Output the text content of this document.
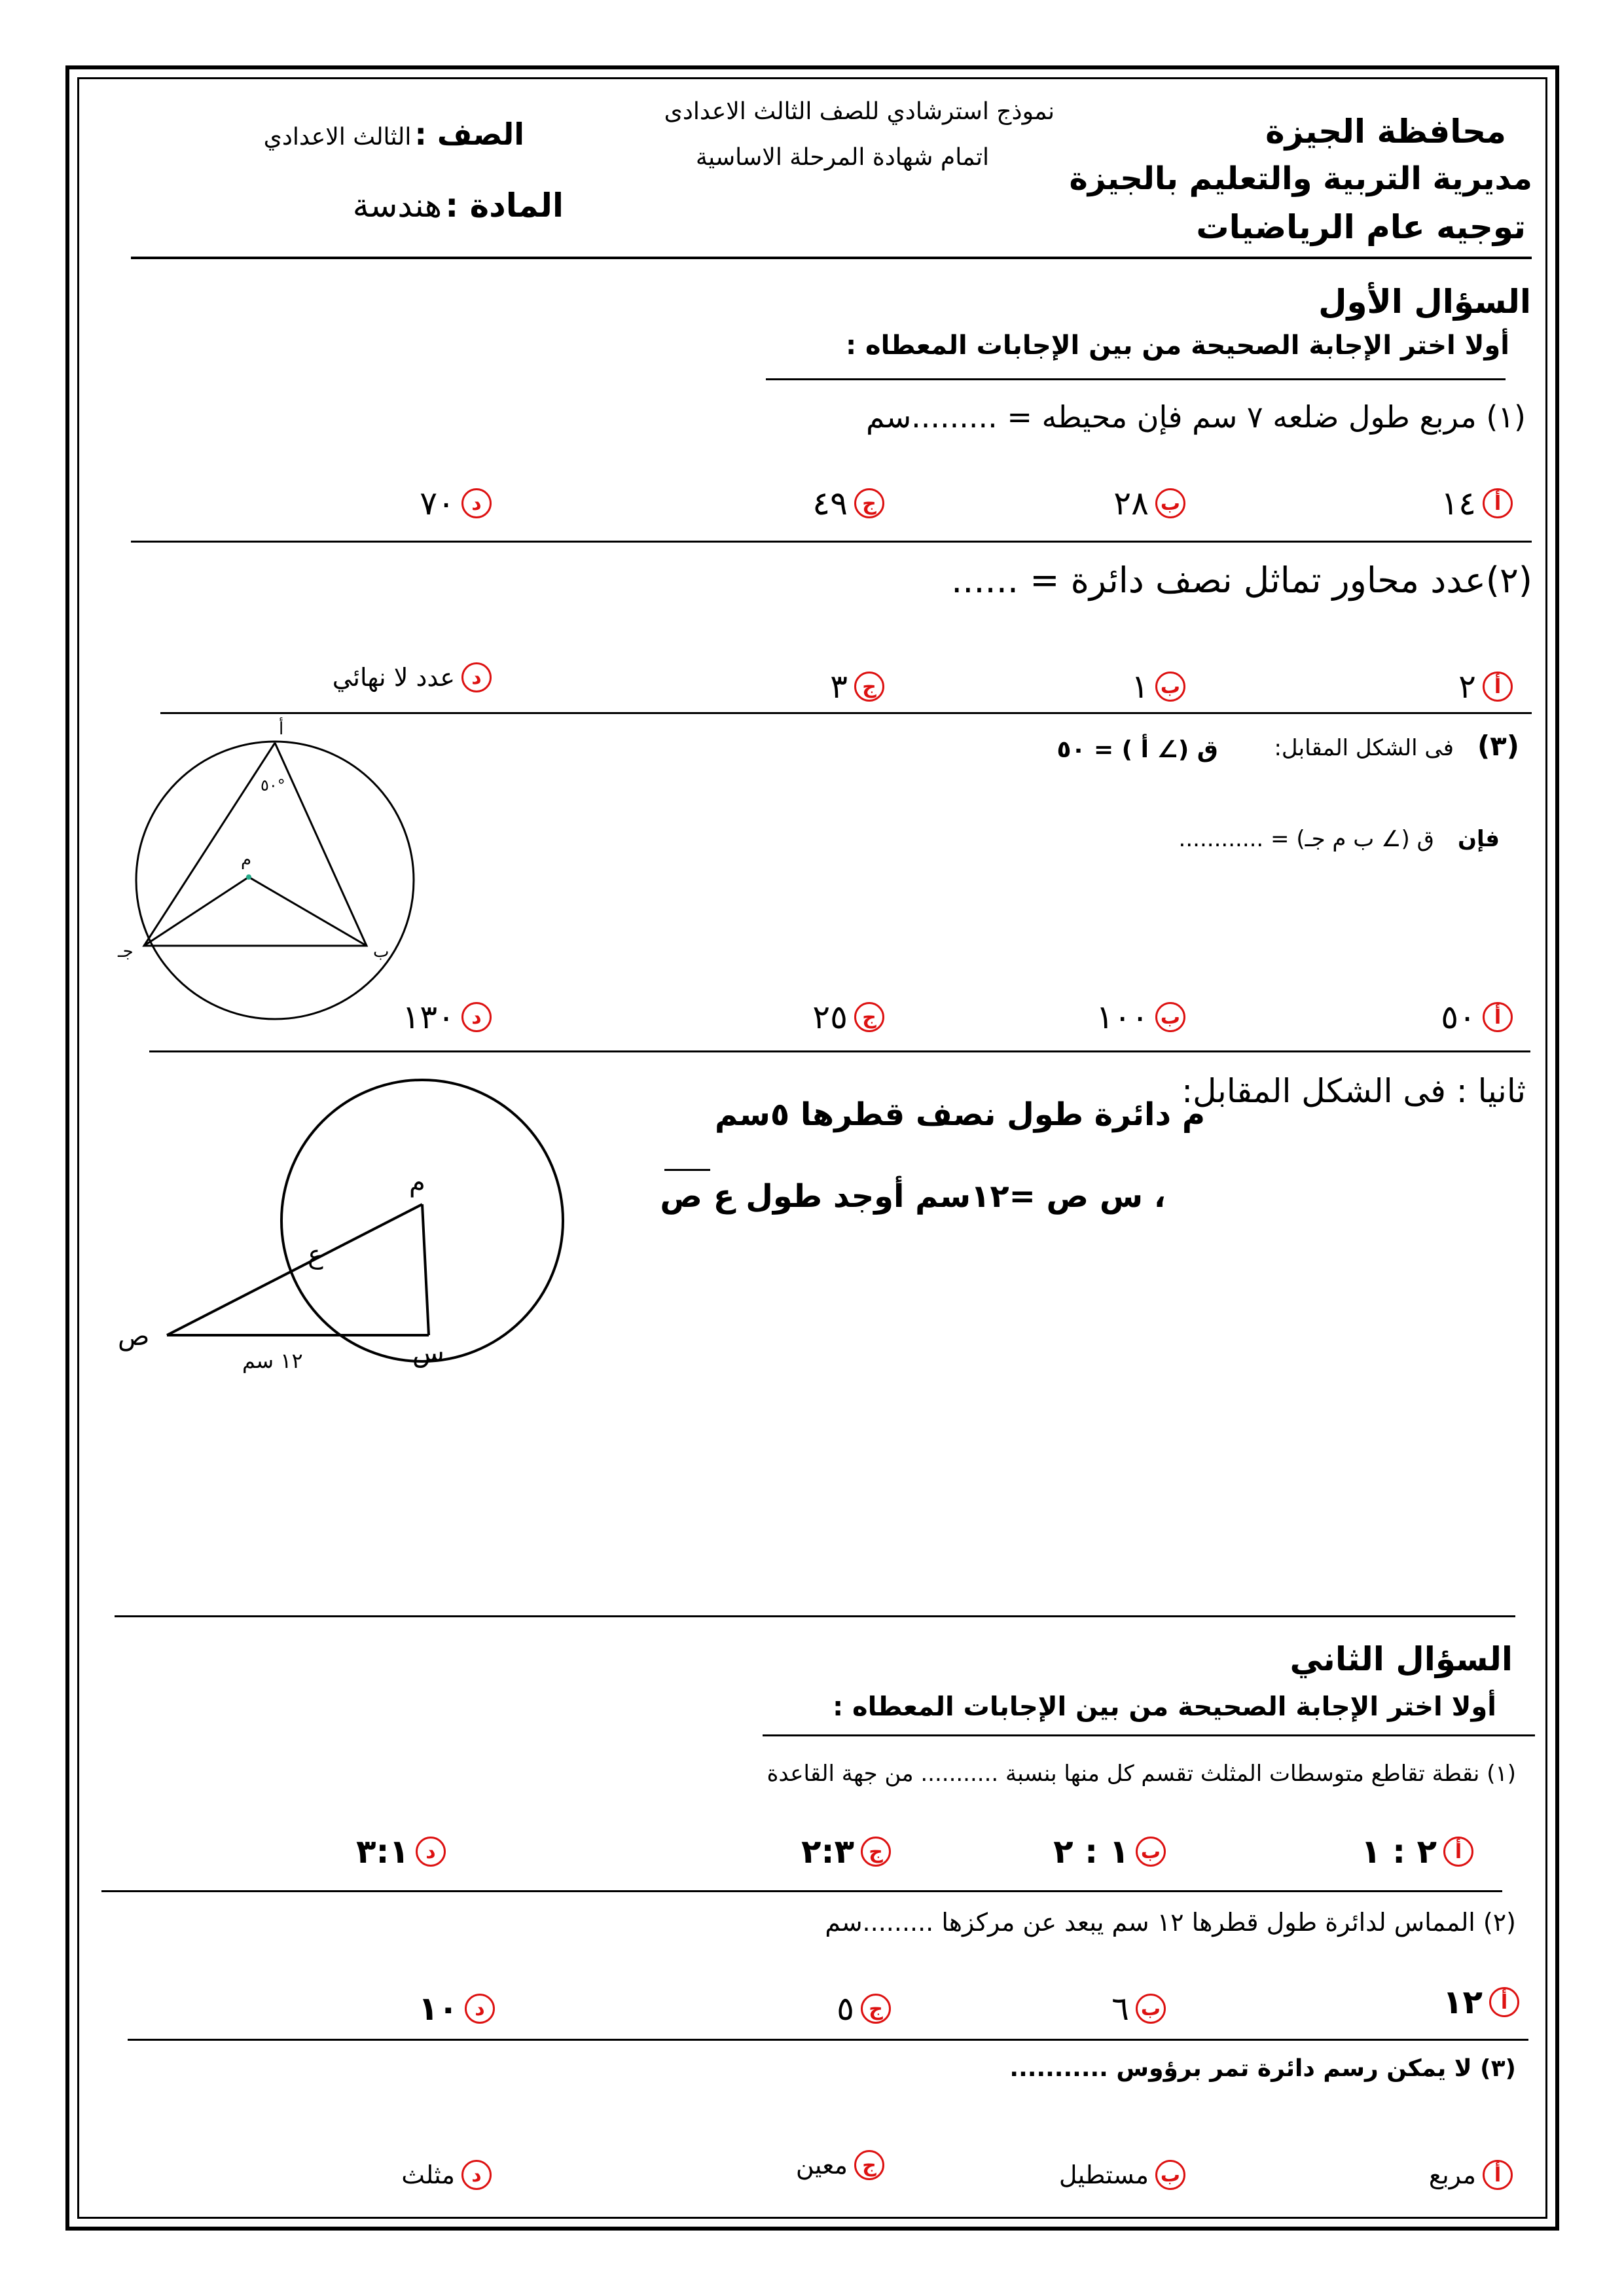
محافظة الجيزة
مديرية التربية والتعليم بالجيزة
توجيه عام الرياضيات
نموذج استرشادي للصف الثالث الاعدادى
اتمام شهادة المرحلة الاساسية
الصف : الثالث الاعدادي
المادة : هندسة
السؤال الأول
أولا اختر الإجابة الصحيحة من بين الإجابات المعطاه :
(١) مربع طول ضلعه ٧ سم فإن محيطه = .........سم
أ
١٤
ب
٢٨
ج
٤٩
د
٧٠
(٢)عدد محاور تماثل نصف دائرة = ......
أ
٢
ب
١
ج
٣
د
عدد لا نهائي
(٣)
فى الشكل المقابل:
ق (∠ أ ) = ٥٠
فإن
ق (∠ ب م جـ) = ............
أ
٥٠°
م
ب
جـ
أ
٥٠
ب
١٠٠
ج
٢٥
د
١٣٠
ثانيا : فى الشكل المقابل:
م دائرة طول نصف قطرها ٥سم
، س ص =١٢سم أوجد طول ع ص
م
ع
ص
س
١٢ سم
السؤال الثاني
أولا اختر الإجابة الصحيحة من بين الإجابات المعطاه :
(١) نقطة تقاطع متوسطات المثلث تقسم كل منها بنسبة ........... من جهة القاعدة
أ
٢ : ١
ب
١ : ٢
ج
٢:٣
د
٣:١
(٢) المماس لدائرة طول قطرها ١٢ سم يبعد عن مركزها .........سم
أ
١٢
ب
٦
ج
٥
د
١٠
(٣) لا يمكن رسم دائرة تمر برؤوس ...........
أ
مربع
ب
مستطيل
ج
معين
د
مثلث
